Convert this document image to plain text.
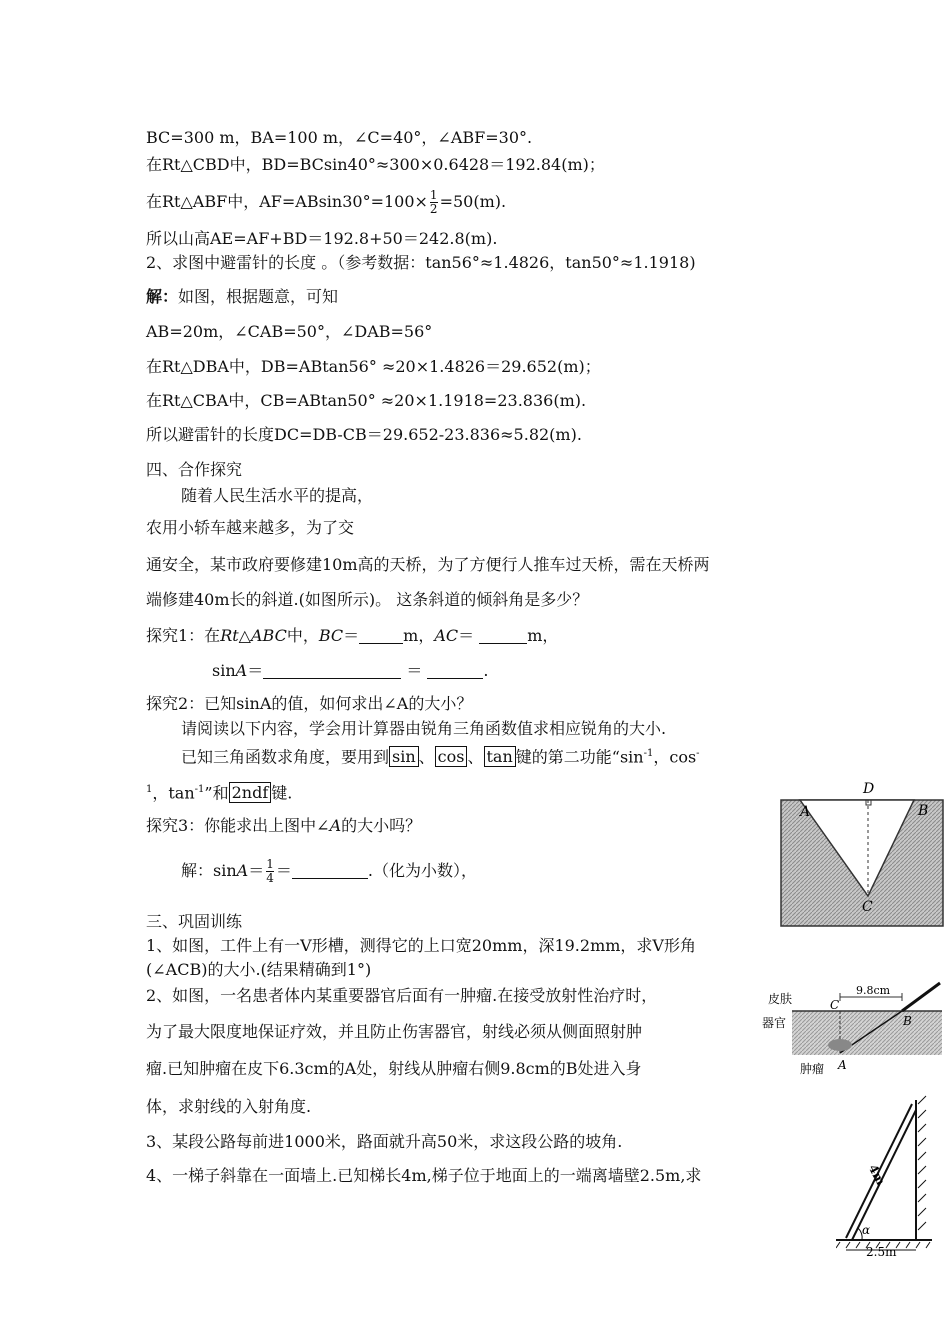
BC=300 m，BA=100 m，∠C=40°，∠ABF=30°.
在Rt△CBD中，BD=BCsin40°≈300×0.6428＝192.84(m)；
在Rt△ABF中，$AF=ABsin30^\circ=100\times \frac{1}{2} =50(m)$.
所以山高AE=AF+BD＝192.8+50＝242.8(m).
2、求图中避雷针的长度 。（参考数据：tan56°≈1.4826，tan50°≈1.1918)
解：如图，根据题意，可知
AB=20m，∠CAB=50°，∠DAB=56°
在Rt△DBA中，DB=ABtan56° ≈20×1.4826＝29.652(m)；
在Rt△CBA中，CB=ABtan50° ≈20×1.1918=23.836(m).
所以避雷针的长度DC=DB-CB＝29.652-23.836≈5.82(m).
四、合作探究
随着人民生活水平的提高，
农用小轿车越来越多，为了交
通安全，某市政府要修建10m高的天桥，为了方便行人推车过天桥，需在天桥两
端修建40m长的斜道.(如图所示)。 这条斜道的倾斜角是多少？
探究1：在Rt△ABC中，BC＝	m，AC＝	m，
sinA＝	＝	.
探究2：已知sinA的值，如何求出∠A的大小？
请阅读以下内容，学会用计算器由锐角三角函数值求相应锐角的大小.
已知三角函数求角度，要用到 sin 、 cos 、 tan 键的第二功能“$\sin^{-1}$，cos-
$^1$，$\tan^{-1}$”和 2ndf 键.
探究3：你能求出上图中∠A的大小吗？
解：$\sin A= \frac{1}{4}$ ＝	.（化为小数），
三、巩固训练
1、如图，工件上有一V形槽，测得它的上口宽20mm，深19.2mm，求V形角
(∠ACB)的大小.(结果精确到1°)
2、如图，一名患者体内某重要器官后面有一肿瘤.在接受放射性治疗时，
为了最大限度地保证疗效，并且防止伤害器官，射线必须从侧面照射肿
瘤.已知肿瘤在皮下6.3cm的A处，射线从肿瘤右侧9.8cm的B处进入身
体，求射线的入射角度.
3、某段公路每前进1000米，路面就升高50米，求这段公路的坡角.
4、一梯子斜靠在一面墙上.已知梯长4m,梯子位于地面上的一端离墙壁2.5m,求
A	B
C
D
9.8cm
皮肤
器官
肿瘤 A
B
C
α
4m
2.5m
